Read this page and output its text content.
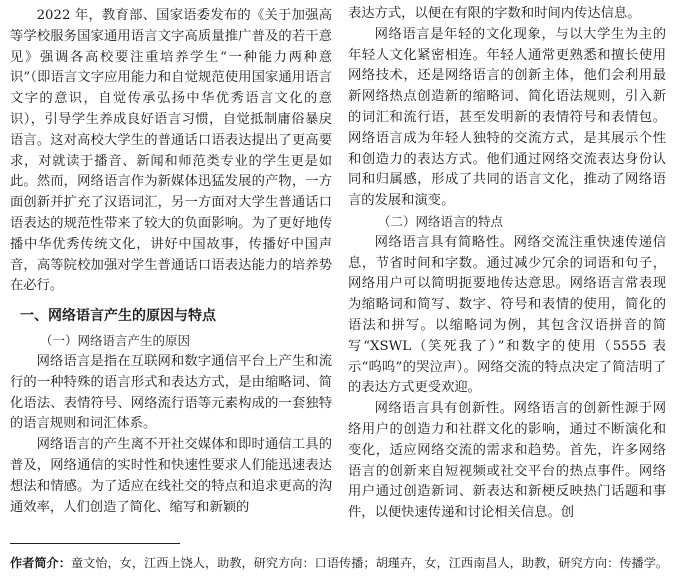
2022 年，教育部、国家语委发布的《关于加强高等学校服务国家通用语言文字高质量推广普及的若干意见》强调各高校要注重培养学生“一种能力两种意识”（即语言文字应用能力和自觉规范使用国家通用语言文字的意识，自觉传承弘扬中华优秀语言文化的意识），引导学生养成良好语言习惯，自觉抵制庸俗暴戾语言。这对高校大学生的普通话口语表达提出了更高要求，对就读于播音、新闻和师范类专业的学生更是如此。然而，网络语言作为新媒体迅猛发展的产物，一方面创新并扩充了汉语词汇，另一方面对大学生普通话口语表达的规范性带来了较大的负面影响。为了更好地传播中华优秀传统文化，讲好中国故事，传播好中国声音，高等院校加强对学生普通话口语表达能力的培养势在必行。

一、网络语言产生的原因与特点
（一）网络语言产生的原因

网络语言是指在互联网和数字通信平台上产生和流行的一种特殊的语言形式和表达方式，是由缩略词、简化语法、表情符号、网络流行语等元素构成的一套独特的语言规则和词汇体系。

网络语言的产生离不开社交媒体和即时通信工具的普及，网络通信的实时性和快速性要求人们能迅速表达想法和情感。为了适应在线社交的特点和追求更高的沟通效率，人们创造了简化、缩写和新颖的

表达方式，以便在有限的字数和时间内传达信息。

网络语言是年轻的文化现象，与以大学生为主的年轻人文化紧密相连。年轻人通常更熟悉和擅长使用网络技术，还是网络语言的创新主体，他们会利用最新网络热点创造新的缩略词、简化语法规则，引入新的词汇和流行语，甚至发明新的表情符号和表情包。网络语言成为年轻人独特的交流方式，是其展示个性和创造力的表达方式。他们通过网络交流表达身份认同和归属感，形成了共同的语言文化，推动了网络语言的发展和演变。

（二）网络语言的特点

网络语言具有简略性。网络交流注重快速传递信息，节省时间和字数。通过减少冗余的词语和句子，网络用户可以简明扼要地传达意思。网络语言常表现为缩略词和简写、数字、符号和表情的使用，简化的语法和拼写。以缩略词为例，其包含汉语拼音的简写“XSWL（笑死我了）”和数字的使用（5555 表示“呜呜”的哭泣声）。网络交流的特点决定了简洁明了的表达方式更受欢迎。

网络语言具有创新性。网络语言的创新性源于网络用户的创造力和社群文化的影响，通过不断演化和变化，适应网络交流的需求和趋势。首先，许多网络语言的创新来自短视频或社交平台的热点事件。网络用户通过创造新词、新表达和新梗反映热门话题和事件，以便快速传递和讨论相关信息。创

作者简介：童文怡，女，江西上饶人，助教，研究方向：口语传播；胡瑾卉，女，江西南昌人，助教，研究方向：传播学。
